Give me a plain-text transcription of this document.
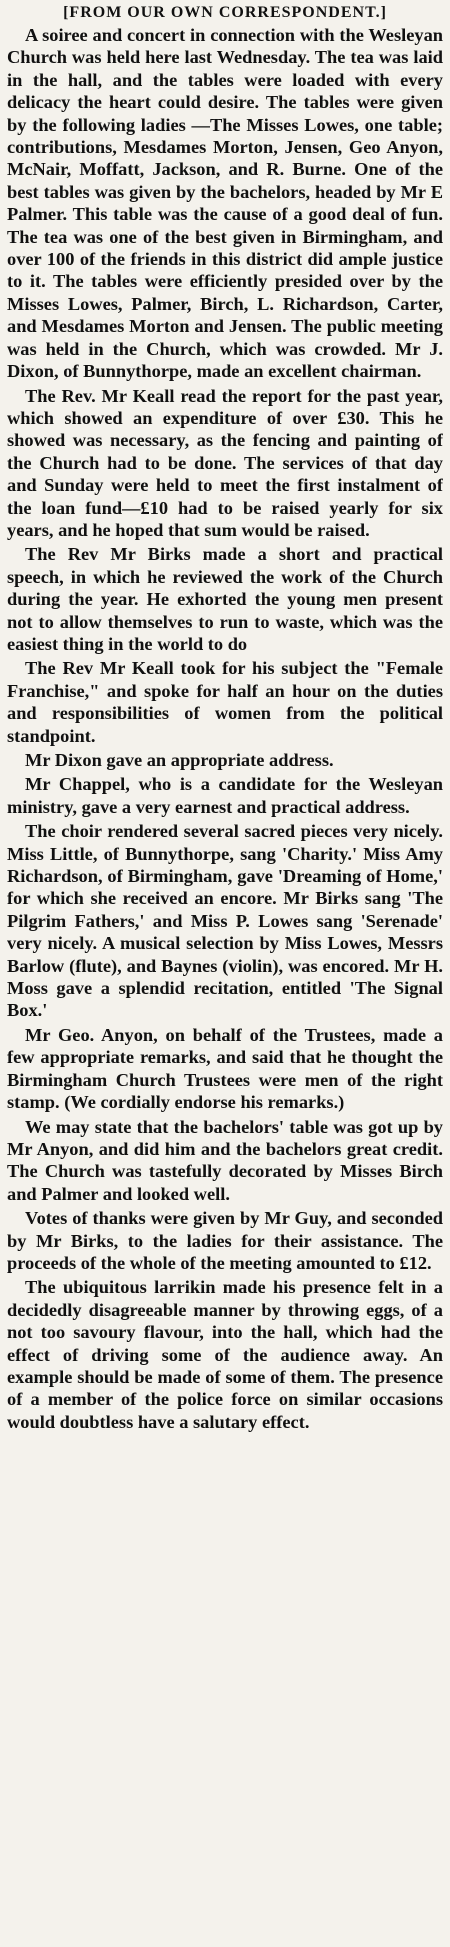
[FROM OUR OWN CORRESPONDENT.]

A soiree and concert in connection with the Wesleyan Church was held here last Wednesday. The tea was laid in the hall, and the tables were loaded with every delicacy the heart could desire. The tables were given by the following ladies —The Misses Lowes, one table; contributions, Mesdames Morton, Jensen, Geo Anyon, McNair, Moffatt, Jackson, and R. Burne. One of the best tables was given by the bachelors, headed by Mr E Palmer. This table was the cause of a good deal of fun. The tea was one of the best given in Birmingham, and over 100 of the friends in this district did ample justice to it. The tables were efficiently presided over by the Misses Lowes, Palmer, Birch, L. Richardson, Carter, and Mesdames Morton and Jensen. The public meeting was held in the Church, which was crowded. Mr J. Dixon, of Bunnythorpe, made an excellent chairman.

The Rev. Mr Keall read the report for the past year, which showed an expenditure of over £30. This he showed was necessary, as the fencing and painting of the Church had to be done. The services of that day and Sunday were held to meet the first instalment of the loan fund—£10 had to be raised yearly for six years, and he hoped that sum would be raised.

The Rev Mr Birks made a short and practical speech, in which he reviewed the work of the Church during the year. He exhorted the young men present not to allow themselves to run to waste, which was the easiest thing in the world to do

The Rev Mr Keall took for his subject the "Female Franchise," and spoke for half an hour on the duties and responsibilities of women from the political standpoint.

Mr Dixon gave an appropriate address.

Mr Chappel, who is a candidate for the Wesleyan ministry, gave a very earnest and practical address.

The choir rendered several sacred pieces very nicely. Miss Little, of Bunnythorpe, sang 'Charity.' Miss Amy Richardson, of Birmingham, gave 'Dreaming of Home,' for which she received an encore. Mr Birks sang 'The Pilgrim Fathers,' and Miss P. Lowes sang 'Serenade' very nicely. A musical selection by Miss Lowes, Messrs Barlow (flute), and Baynes (violin), was encored. Mr H. Moss gave a splendid recitation, entitled 'The Signal Box.'

Mr Geo. Anyon, on behalf of the Trustees, made a few appropriate remarks, and said that he thought the Birmingham Church Trustees were men of the right stamp. (We cordially endorse his remarks.)

We may state that the bachelors' table was got up by Mr Anyon, and did him and the bachelors great credit. The Church was tastefully decorated by Misses Birch and Palmer and looked well.

Votes of thanks were given by Mr Guy, and seconded by Mr Birks, to the ladies for their assistance. The proceeds of the whole of the meeting amounted to £12.

The ubiquitous larrikin made his presence felt in a decidedly disagreeable manner by throwing eggs, of a not too savoury flavour, into the hall, which had the effect of driving some of the audience away. An example should be made of some of them. The presence of a member of the police force on similar occasions would doubtless have a salutary effect.
